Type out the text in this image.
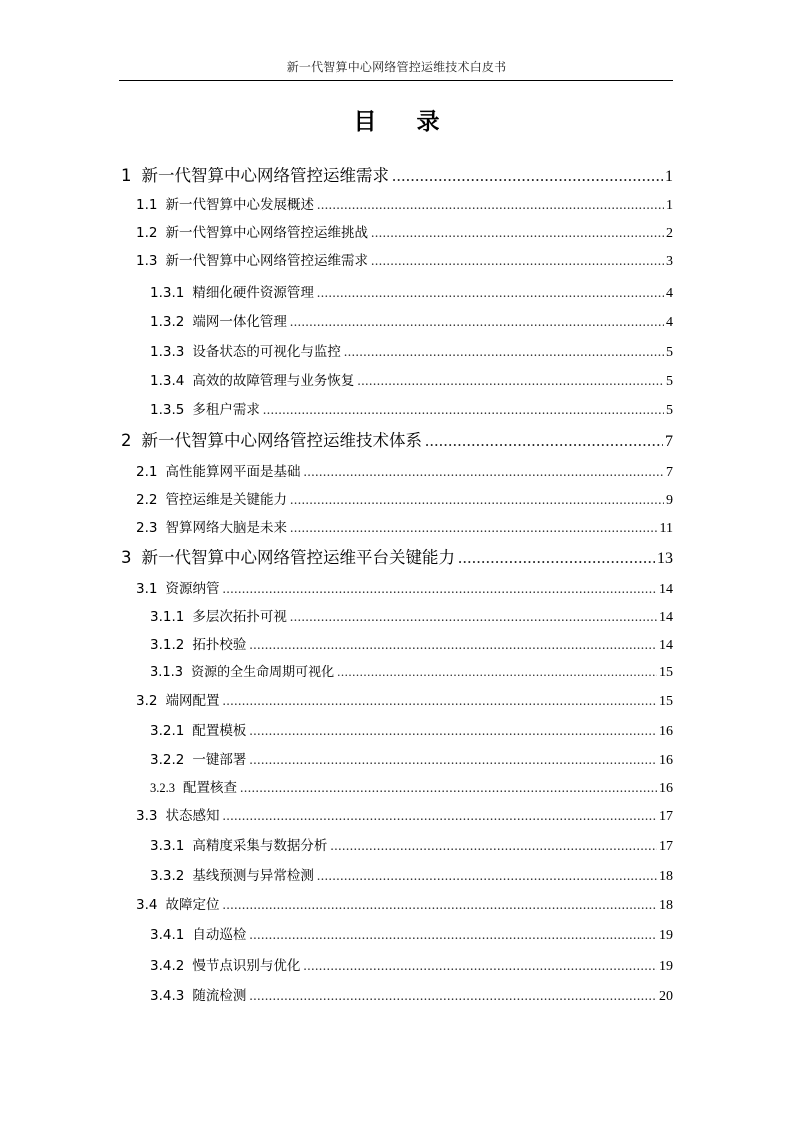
新一代智算中心网络管控运维技术白皮书
目 录
1 新一代智算中心网络管控运维需求 .....	1
1.1 新一代智算中心发展概述 .....	1
1.2 新一代智算中心网络管控运维挑战 .....	2
1.3 新一代智算中心网络管控运维需求 .....	3
1.3.1 精细化硬件资源管理 .....	4
1.3.2 端网一体化管理 .....	4
1.3.3 设备状态的可视化与监控 .....	5
1.3.4 高效的故障管理与业务恢复 .....	5
1.3.5 多租户需求 .....	5
2 新一代智算中心网络管控运维技术体系 .....	7
2.1 高性能算网平面是基础 .....	7
2.2 管控运维是关键能力 .....	9
2.3 智算网络大脑是未来 .....	11
3 新一代智算中心网络管控运维平台关键能力 .....	13
3.1 资源纳管 .....	14
3.1.1 多层次拓扑可视 .....	14
3.1.2 拓扑校验 .....	14
3.1.3 资源的全生命周期可视化 .....	15
3.2 端网配置 .....	15
3.2.1 配置模板 .....	16
3.2.2 一键部署 .....	16
3.2.3 配置核查 .....	16
3.3 状态感知 .....	17
3.3.1 高精度采集与数据分析 .....	17
3.3.2 基线预测与异常检测 .....	18
3.4 故障定位 .....	18
3.4.1 自动巡检 .....	19
3.4.2 慢节点识别与优化 .....	19
3.4.3 随流检测 .....	20
